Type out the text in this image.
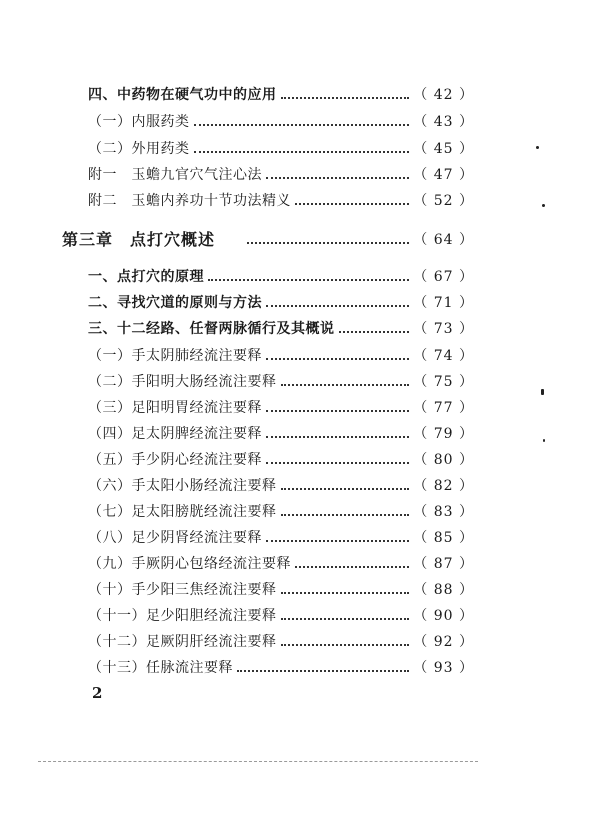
四、中药物在硬气功中的应用	（ 42 ）
（一）内服药类	（ 43 ）
（二）外用药类	（ 45 ）
附一　玉蟾九官穴气注心法	（ 47 ）
附二　玉蟾内养功十节功法精义	（ 52 ）
第三章　点打穴概述	（ 64 ）
一、点打穴的原理	（ 67 ）
二、寻找穴道的原则与方法	（ 71 ）
三、十二经路、任督两脉循行及其概说	（ 73 ）
（一）手太阴肺经流注要释	（ 74 ）
（二）手阳明大肠经流注要释	（ 75 ）
（三）足阳明胃经流注要释	（ 77 ）
（四）足太阴脾经流注要释	（ 79 ）
（五）手少阴心经流注要释	（ 80 ）
（六）手太阳小肠经流注要释	（ 82 ）
（七）足太阳膀胱经流注要释	（ 83 ）
（八）足少阴肾经流注要释	（ 85 ）
（九）手厥阴心包络经流注要释	（ 87 ）
（十）手少阳三焦经流注要释	（ 88 ）
（十一）足少阳胆经流注要释	（ 90 ）
（十二）足厥阴肝经流注要释	（ 92 ）
（十三）任脉流注要释	（ 93 ）
2
